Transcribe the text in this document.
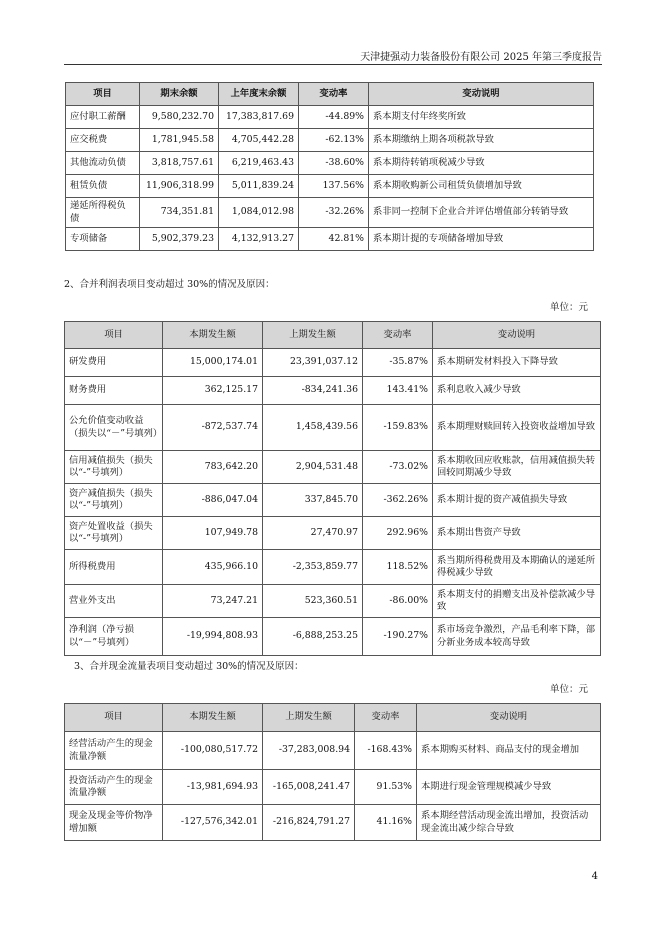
天津捷强动力装备股份有限公司 2025 年第三季度报告
项目	期末余额	上年度末余额	变动率	变动说明
应付职工薪酬	9,580,232.70	17,383,817.69	-44.89%	系本期支付年终奖所致
应交税费	1,781,945.58	4,705,442.28	-62.13%	系本期缴纳上期各项税款导致
其他流动负债	3,818,757.61	6,219,463.43	-38.60%	系本期待转销项税减少导致
租赁负债	11,906,318.99	5,011,839.24	137.56%	系本期收购新公司租赁负债增加导致
递延所得税负债	734,351.81	1,084,012.98	-32.26%	系非同一控制下企业合并评估增值部分转销导致
专项储备	5,902,379.23	4,132,913.27	42.81%	系本期计提的专项储备增加导致
2、合并利润表项目变动超过 30%的情况及原因：
单位：元
项目	本期发生额	上期发生额	变动率	变动说明
研发费用	15,000,174.01	23,391,037.12	-35.87%	系本期研发材料投入下降导致
财务费用	362,125.17	-834,241.36	143.41%	系利息收入减少导致
公允价值变动收益（损失以“－”号填列）	-872,537.74	1,458,439.56	-159.83%	系本期理财赎回转入投资收益增加导致
信用减值损失（损失以“-”号填列）	783,642.20	2,904,531.48	-73.02%	系本期收回应收账款，信用减值损失转回较同期减少导致
资产减值损失（损失以“-”号填列）	-886,047.04	337,845.70	-362.26%	系本期计提的资产减值损失导致
资产处置收益（损失以“-”号填列）	107,949.78	27,470.97	292.96%	系本期出售资产导致
所得税费用	435,966.10	-2,353,859.77	118.52%	系当期所得税费用及本期确认的递延所得税减少导致
营业外支出	73,247.21	523,360.51	-86.00%	系本期支付的捐赠支出及补偿款减少导致
净利润（净亏损以“－”号填列）	-19,994,808.93	-6,888,253.25	-190.27%	系市场竞争激烈，产品毛利率下降，部分新业务成本较高导致
3、合并现金流量表项目变动超过 30%的情况及原因：
单位：元
项目	本期发生额	上期发生额	变动率	变动说明
经营活动产生的现金流量净额	-100,080,517.72	-37,283,008.94	-168.43%	系本期购买材料、商品支付的现金增加
投资活动产生的现金流量净额	-13,981,694.93	-165,008,241.47	91.53%	本期进行现金管理规模减少导致
现金及现金等价物净增加额	-127,576,342.01	-216,824,791.27	41.16%	系本期经营活动现金流出增加，投资活动现金流出减少综合导致
4
